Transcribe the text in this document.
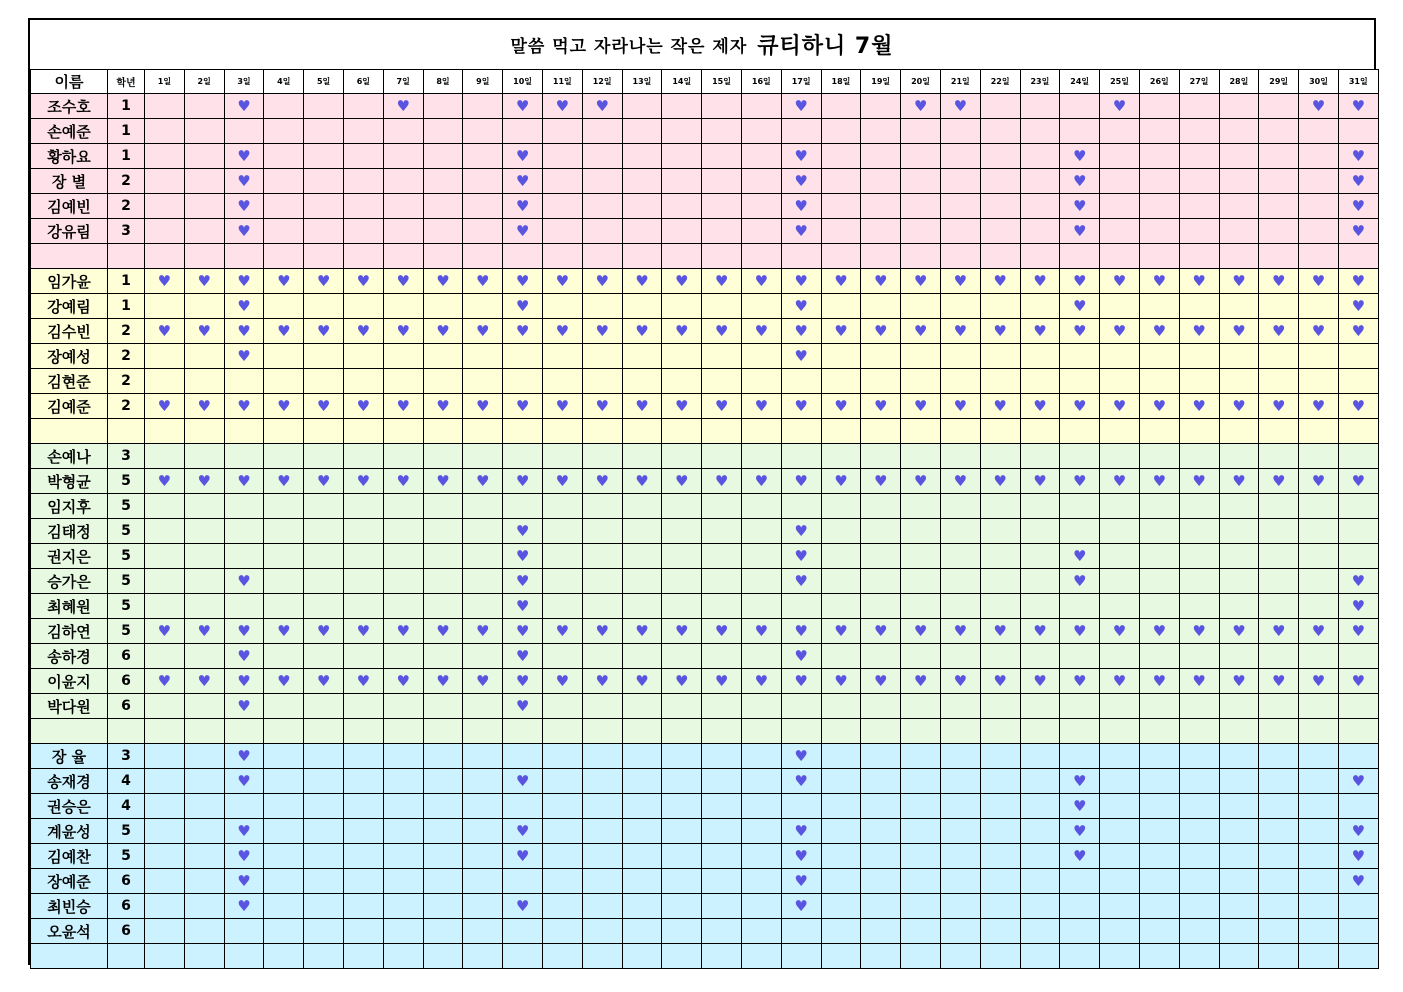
말씀 먹고 자라나는 작은 제자 큐티하니 7월
이름	학년	1일	2일	3일	4일	5일	6일	7일	8일	9일	10일	11일	12일	13일	14일	15일	16일	17일	18일	19일	20일	21일	22일	23일	24일	25일	26일	27일	28일	29일	30일	31일
조수호	1			♥				♥			♥	♥	♥					♥			♥	♥				♥					♥	♥
손예준	1																															
황하요	1			♥							♥							♥							♥							♥
장 별	2			♥							♥							♥							♥							♥
김예빈	2			♥							♥							♥							♥							♥
강유림	3			♥							♥							♥							♥							♥

임가윤	1	♥	♥	♥	♥	♥	♥	♥	♥	♥	♥	♥	♥	♥	♥	♥	♥	♥	♥	♥	♥	♥	♥	♥	♥	♥	♥	♥	♥	♥	♥	♥
강예림	1			♥							♥							♥							♥							♥
김수빈	2	♥	♥	♥	♥	♥	♥	♥	♥	♥	♥	♥	♥	♥	♥	♥	♥	♥	♥	♥	♥	♥	♥	♥	♥	♥	♥	♥	♥	♥	♥	♥
장예성	2			♥														♥														
김현준	2																															
김예준	2	♥	♥	♥	♥	♥	♥	♥	♥	♥	♥	♥	♥	♥	♥	♥	♥	♥	♥	♥	♥	♥	♥	♥	♥	♥	♥	♥	♥	♥	♥	♥

손예나	3																															
박형균	5	♥	♥	♥	♥	♥	♥	♥	♥	♥	♥	♥	♥	♥	♥	♥	♥	♥	♥	♥	♥	♥	♥	♥	♥	♥	♥	♥	♥	♥	♥	♥
임지후	5																															
김태정	5										♥							♥														
권지은	5										♥							♥							♥							
승가은	5			♥							♥							♥							♥							♥
최혜원	5										♥																					♥
김하연	5	♥	♥	♥	♥	♥	♥	♥	♥	♥	♥	♥	♥	♥	♥	♥	♥	♥	♥	♥	♥	♥	♥	♥	♥	♥	♥	♥	♥	♥	♥	♥
송하경	6			♥							♥							♥														
이윤지	6	♥	♥	♥	♥	♥	♥	♥	♥	♥	♥	♥	♥	♥	♥	♥	♥	♥	♥	♥	♥	♥	♥	♥	♥	♥	♥	♥	♥	♥	♥	♥
박다원	6			♥							♥																					

장 율	3			♥														♥														
송재경	4			♥							♥							♥							♥							♥
권승은	4																								♥							
계윤성	5			♥							♥							♥							♥							♥
김예찬	5			♥							♥							♥							♥							♥
장예준	6			♥														♥														♥
최빈승	6			♥							♥							♥														
오윤석	6																															
